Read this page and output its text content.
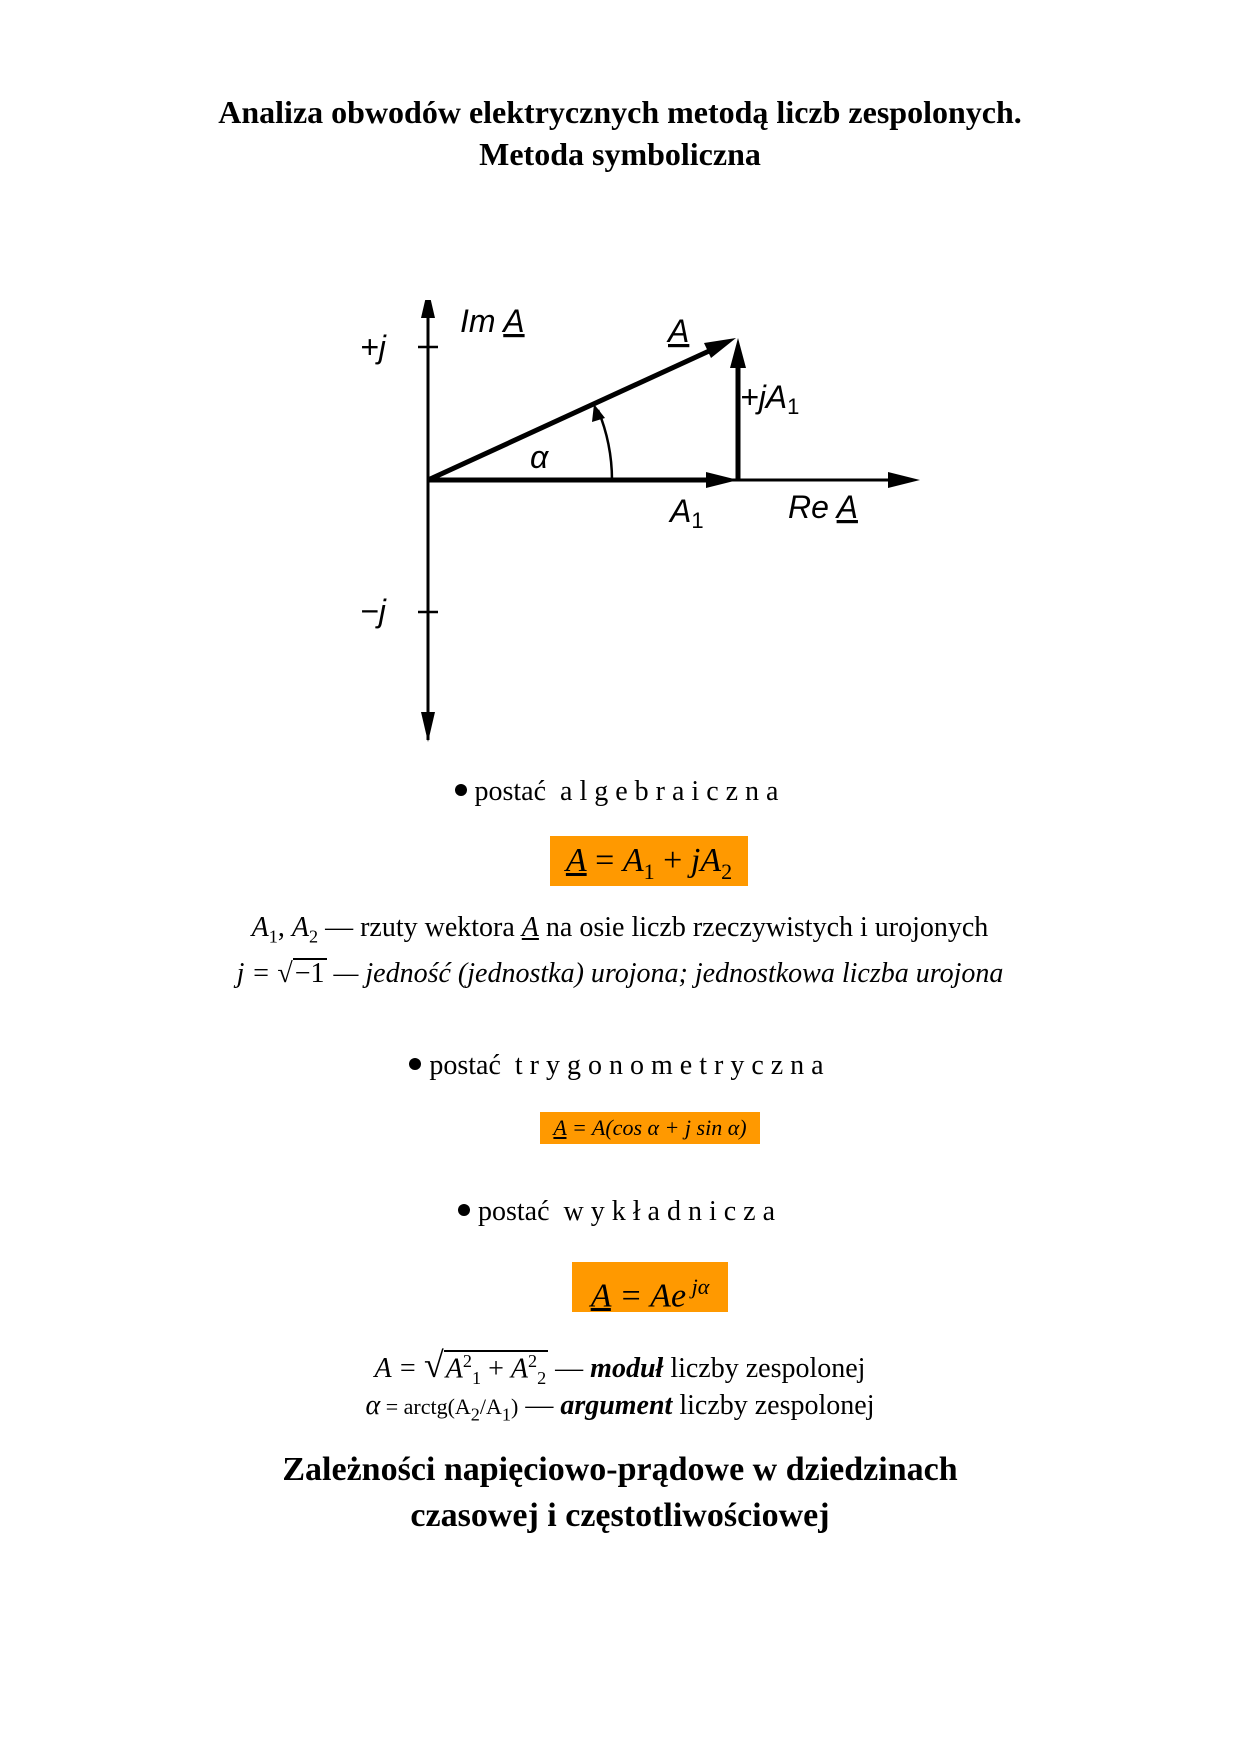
Analiza obwodów elektrycznych metodą liczb zespolonych.
Metoda symboliczna
+j
−j
Im A	A
+jA1
α
A1	Re A
postać algebraiczna
$A = A_1 + jA_2$
$A_1$, $A_2$ — rzuty wektora A na osie liczb rzeczywistych i urojonych
j = √−1 — jedność (jednostka) urojona; jednostkowa liczba urojona
postać trygonometryczna
A = A(cos α + j sin α)
postać wykładnicza
A = Ae $^{j\alpha}$
$A = √A^2_1 + A^2_2$ — moduł liczby zespolonej
$\alpha = arctg(A_2/A_1)$ — argument liczby zespolonej
Zależności napięciowo-prądowe w dziedzinach
czasowej i częstotliwościowej
